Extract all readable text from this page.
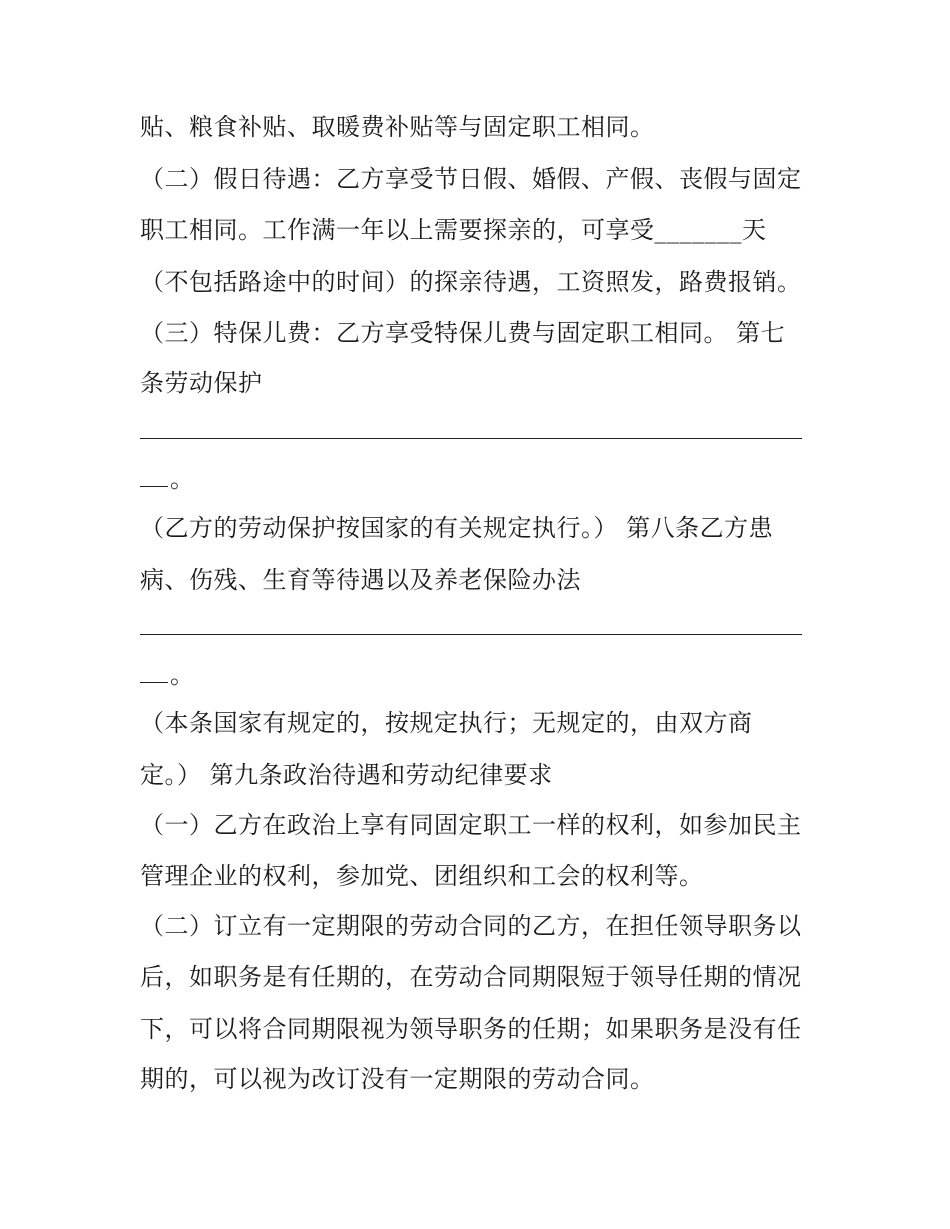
贴、粮食补贴、取暖费补贴等与固定职工相同。
（二）假日待遇：乙方享受节日假、婚假、产假、丧假与固定
职工相同。工作满一年以上需要探亲的，可享受_______天
（不包括路途中的时间）的探亲待遇，工资照发，路费报销。
（三）特保儿费：乙方享受特保儿费与固定职工相同。 第七
条劳动保护
。
（乙方的劳动保护按国家的有关规定执行。） 第八条乙方患
病、伤残、生育等待遇以及养老保险办法
。
（本条国家有规定的，按规定执行；无规定的，由双方商
定。） 第九条政治待遇和劳动纪律要求
（一）乙方在政治上享有同固定职工一样的权利，如参加民主
管理企业的权利，参加党、团组织和工会的权利等。
（二）订立有一定期限的劳动合同的乙方，在担任领导职务以
后，如职务是有任期的，在劳动合同期限短于领导任期的情况
下，可以将合同期限视为领导职务的任期；如果职务是没有任
期的，可以视为改订没有一定期限的劳动合同。
